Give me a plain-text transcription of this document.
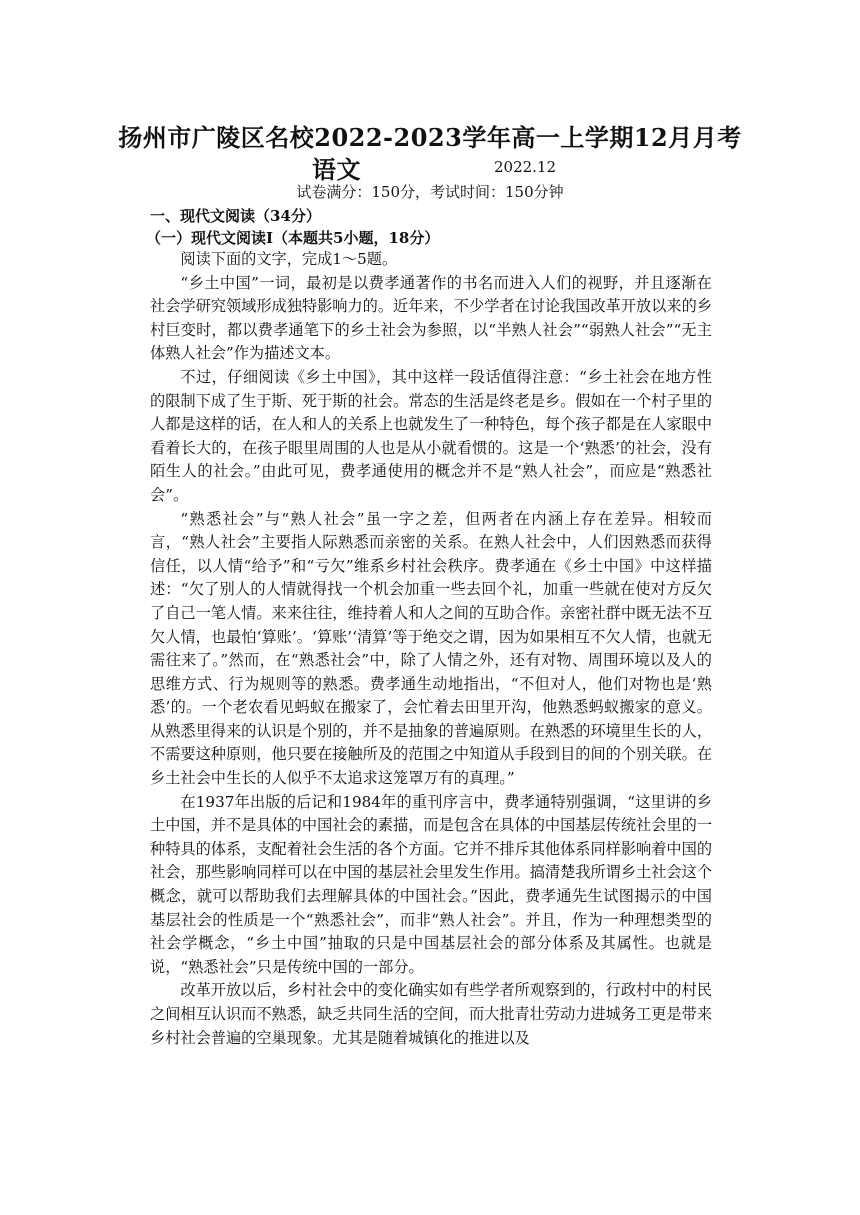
扬州市广陵区名校2022-2023学年高一上学期12月月考
语文	2022.12
试卷满分：150分，考试时间：150分钟
一、现代文阅读（34分）
（一）现代文阅读I（本题共5小题，18分）

阅读下面的文字，完成1～5题。

“乡土中国”一词，最初是以费孝通著作的书名而进入人们的视野，并且逐渐在社会学研究领域形成独特影响力的。近年来，不少学者在讨论我国改革开放以来的乡村巨变时，都以费孝通笔下的乡土社会为参照，以“半熟人社会”“弱熟人社会”“无主体熟人社会”作为描述文本。

不过，仔细阅读《乡土中国》，其中这样一段话值得注意：“乡土社会在地方性的限制下成了生于斯、死于斯的社会。常态的生活是终老是乡。假如在一个村子里的人都是这样的话，在人和人的关系上也就发生了一种特色，每个孩子都是在人家眼中看着长大的，在孩子眼里周围的人也是从小就看惯的。这是一个‘熟悉’的社会，没有陌生人的社会。”由此可见，费孝通使用的概念并不是“熟人社会”，而应是“熟悉社会”。

“熟悉社会”与“熟人社会”虽一字之差，但两者在内涵上存在差异。相较而言，“熟人社会”主要指人际熟悉而亲密的关系。在熟人社会中，人们因熟悉而获得信任，以人情“给予”和“亏欠”维系乡村社会秩序。费孝通在《乡土中国》中这样描述：“欠了别人的人情就得找一个机会加重一些去回个礼，加重一些就在使对方反欠了自己一笔人情。来来往往，维持着人和人之间的互助合作。亲密社群中既无法不互欠人情，也最怕‘算账’。‘算账’‘清算’等于绝交之谓，因为如果相互不欠人情，也就无需往来了。”然而，在“熟悉社会”中，除了人情之外，还有对物、周围环境以及人的思维方式、行为规则等的熟悉。费孝通生动地指出，“不但对人，他们对物也是‘熟悉’的。一个老农看见蚂蚁在搬家了，会忙着去田里开沟，他熟悉蚂蚁搬家的意义。从熟悉里得来的认识是个别的，并不是抽象的普遍原则。在熟悉的环境里生长的人，不需要这种原则，他只要在接触所及的范围之中知道从手段到目的间的个别关联。在乡土社会中生长的人似乎不太追求这笼罩万有的真理。”

在1937年出版的后记和1984年的重刊序言中，费孝通特别强调，“这里讲的乡土中国，并不是具体的中国社会的素描，而是包含在具体的中国基层传统社会里的一种特具的体系，支配着社会生活的各个方面。它并不排斥其他体系同样影响着中国的社会，那些影响同样可以在中国的基层社会里发生作用。搞清楚我所谓乡土社会这个概念，就可以帮助我们去理解具体的中国社会。”因此，费孝通先生试图揭示的中国基层社会的性质是一个“熟悉社会”，而非“熟人社会”。并且，作为一种理想类型的社会学概念，“乡土中国”抽取的只是中国基层社会的部分体系及其属性。也就是说，“熟悉社会”只是传统中国的一部分。

改革开放以后，乡村社会中的变化确实如有些学者所观察到的，行政村中的村民之间相互认识而不熟悉，缺乏共同生活的空间，而大批青壮劳动力进城务工更是带来乡村社会普遍的空巢现象。尤其是随着城镇化的推进以及
